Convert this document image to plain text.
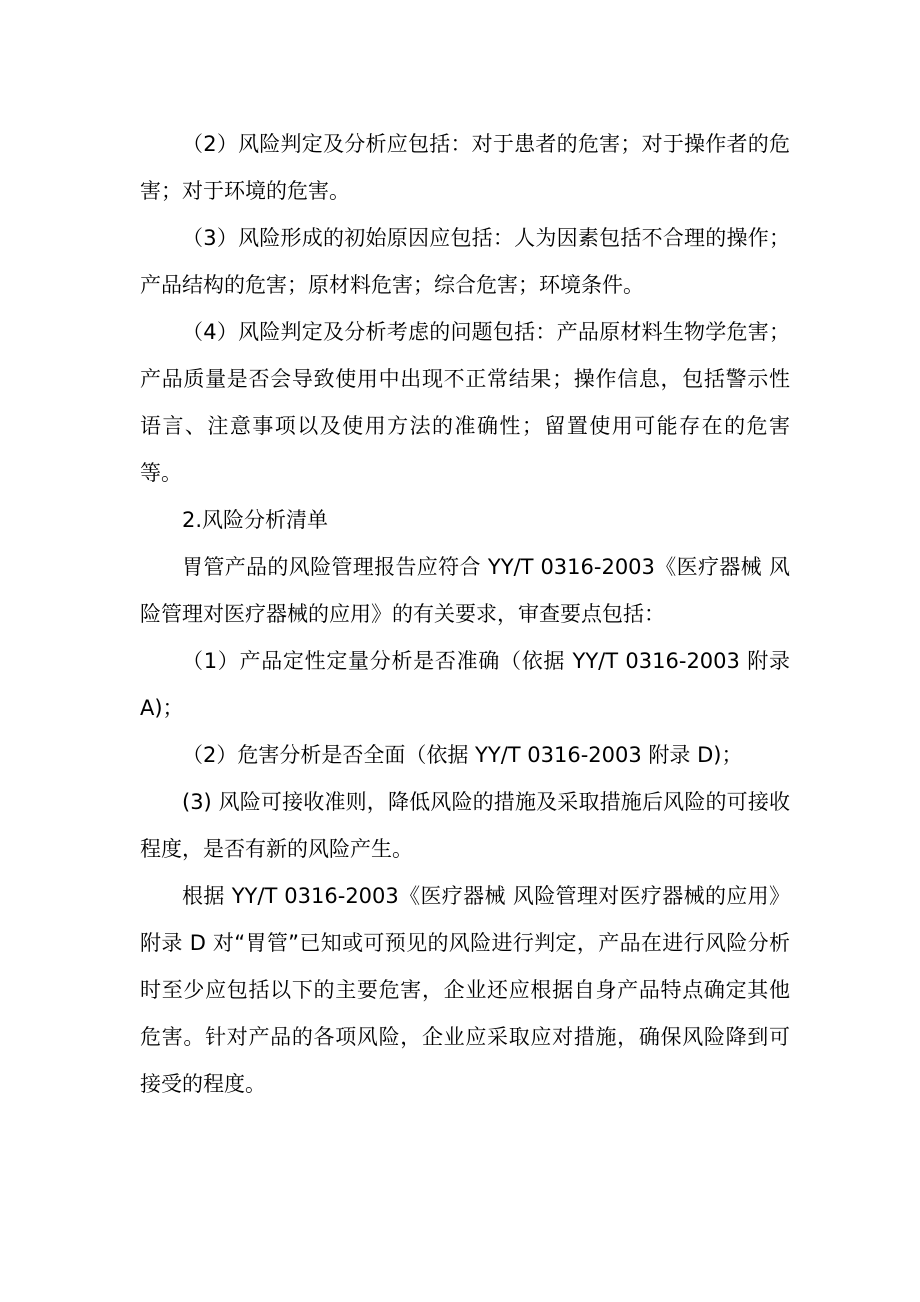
（2）风险判定及分析应包括：对于患者的危害；对于操作者的危害；对于环境的危害。

（3）风险形成的初始原因应包括：人为因素包括不合理的操作；产品结构的危害；原材料危害；综合危害；环境条件。

（4）风险判定及分析考虑的问题包括：产品原材料生物学危害；产品质量是否会导致使用中出现不正常结果；操作信息，包括警示性语言、注意事项以及使用方法的准确性；留置使用可能存在的危害等。

2.风险分析清单

胃管产品的风险管理报告应符合 YY/T 0316-2003《医疗器械 风险管理对医疗器械的应用》的有关要求，审查要点包括：

（1）产品定性定量分析是否准确（依据 YY/T 0316-2003 附录 A)；

（2）危害分析是否全面（依据 YY/T 0316-2003 附录 D)；

(3) 风险可接收准则，降低风险的措施及采取措施后风险的可接收程度，是否有新的风险产生。

根据 YY/T 0316-2003《医疗器械 风险管理对医疗器械的应用》附录 D 对“胃管”已知或可预见的风险进行判定，产品在进行风险分析时至少应包括以下的主要危害，企业还应根据自身产品特点确定其他危害。针对产品的各项风险，企业应采取应对措施，确保风险降到可接受的程度。
